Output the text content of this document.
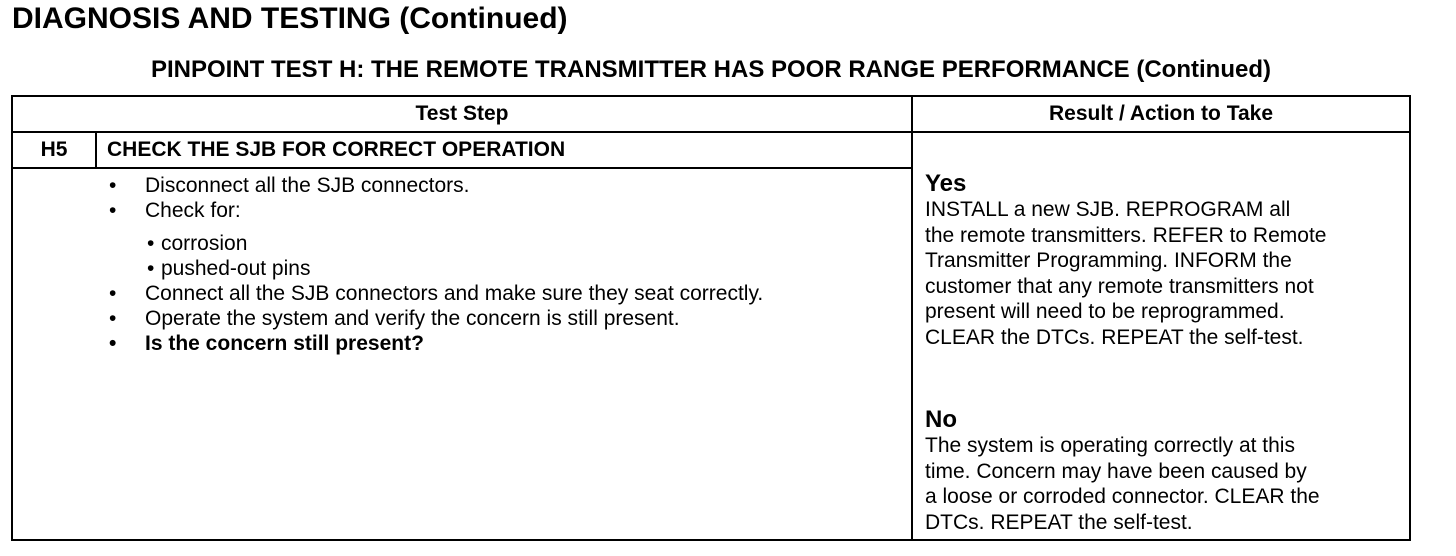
DIAGNOSIS AND TESTING (Continued)
PINPOINT TEST H: THE REMOTE TRANSMITTER HAS POOR RANGE PERFORMANCE (Continued)
Test Step	Result / Action to Take
H5	CHECK THE SJB FOR CORRECT OPERATION
•	Disconnect all the SJB connectors.
•	Check for:
• corrosion
• pushed-out pins
•	Connect all the SJB connectors and make sure they seat correctly.
•	Operate the system and verify the concern is still present.
•	Is the concern still present?
Yes
INSTALL a new SJB. REPROGRAM all
the remote transmitters. REFER to Remote
Transmitter Programming. INFORM the
customer that any remote transmitters not
present will need to be reprogrammed.
CLEAR the DTCs. REPEAT the self-test.
No
The system is operating correctly at this
time. Concern may have been caused by
a loose or corroded connector. CLEAR the
DTCs. REPEAT the self-test.
